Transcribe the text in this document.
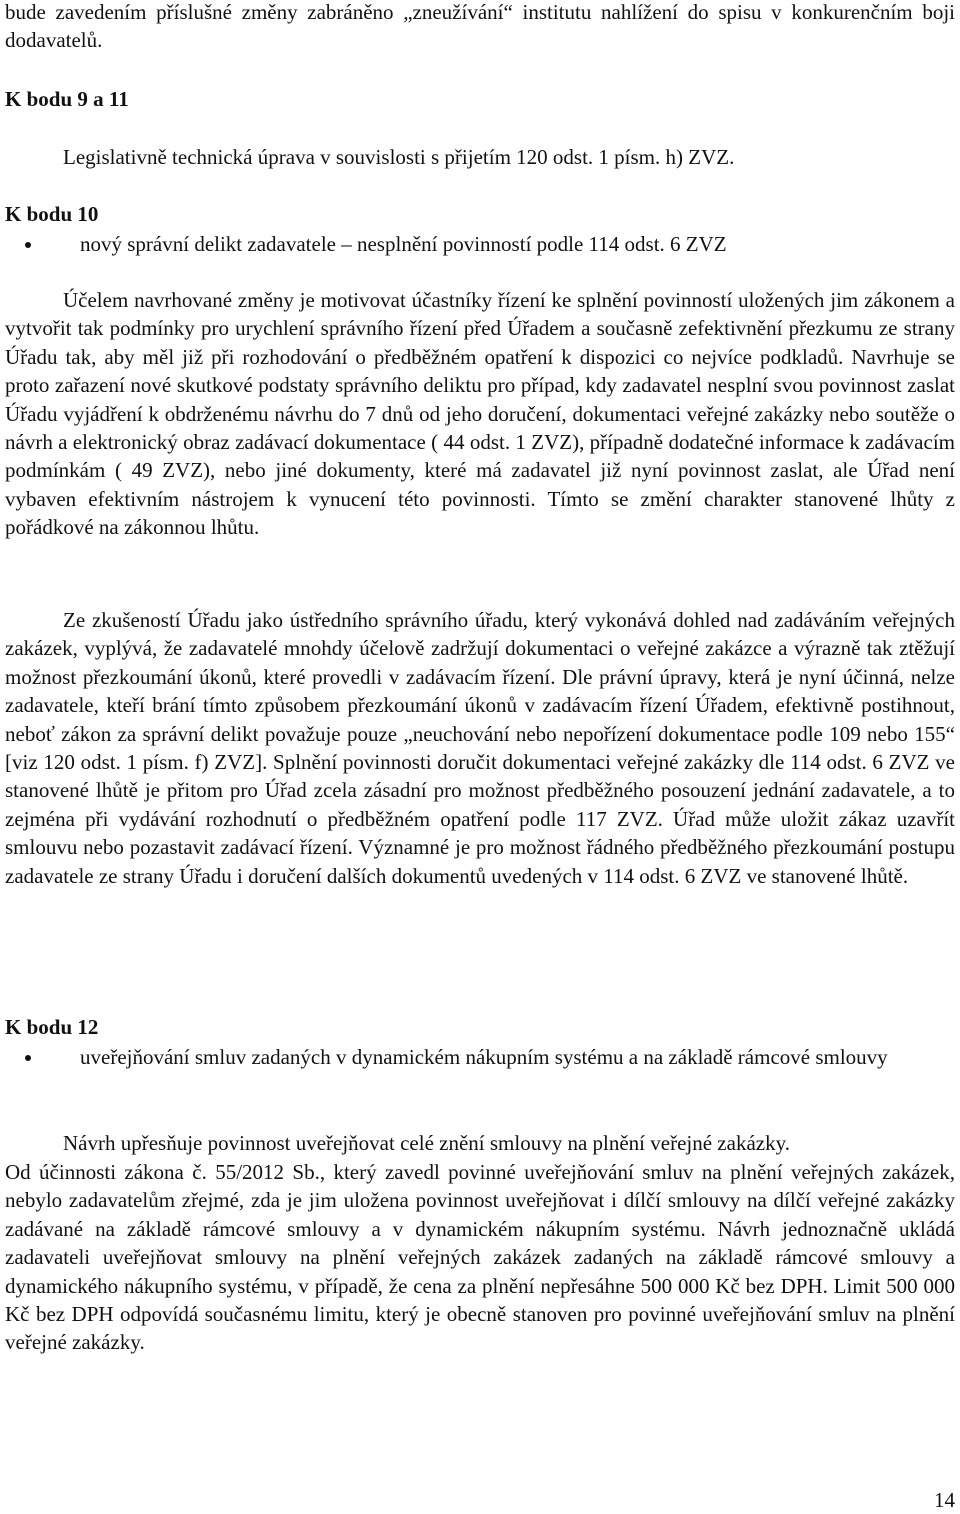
bude zavedením příslušné změny zabráněno „zneužívání“ institutu nahlížení do spisu v konkurenčním boji dodavatelů.

K bodu 9 a 11

Legislativně technická úprava v souvislosti s přijetím 120 odst. 1 písm. h) ZVZ.

K bodu 10

nový správní delikt zadavatele – nesplnění povinností podle 114 odst. 6 ZVZ

Účelem navrhované změny je motivovat účastníky řízení ke splnění povinností uložených jim zákonem a vytvořit tak podmínky pro urychlení správního řízení před Úřadem a současně zefektivnění přezkumu ze strany Úřadu tak, aby měl již při rozhodování o předběžném opatření k dispozici co nejvíce podkladů. Navrhuje se proto zařazení nové skutkové podstaty správního deliktu pro případ, kdy zadavatel nesplní svou povinnost zaslat Úřadu vyjádření k obdrženému návrhu do 7 dnů od jeho doručení, dokumentaci veřejné zakázky nebo soutěže o návrh a elektronický obraz zadávací dokumentace ( 44 odst. 1 ZVZ), případně dodatečné informace k zadávacím podmínkám ( 49 ZVZ), nebo jiné dokumenty, které má zadavatel již nyní povinnost zaslat, ale Úřad není vybaven efektivním nástrojem k vynucení této povinnosti. Tímto se změní charakter stanovené lhůty z pořádkové na zákonnou lhůtu.

Ze zkušeností Úřadu jako ústředního správního úřadu, který vykonává dohled nad zadáváním veřejných zakázek, vyplývá, že zadavatelé mnohdy účelově zadržují dokumentaci o veřejné zakázce a výrazně tak ztěžují možnost přezkoumání úkonů, které provedli v zadávacím řízení. Dle právní úpravy, která je nyní účinná, nelze zadavatele, kteří brání tímto způsobem přezkoumání úkonů v zadávacím řízení Úřadem, efektivně postihnout, neboť zákon za správní delikt považuje pouze „neuchování nebo nepořízení dokumentace podle 109 nebo 155“ [viz 120 odst. 1 písm. f) ZVZ]. Splnění povinnosti doručit dokumentaci veřejné zakázky dle 114 odst. 6 ZVZ ve stanovené lhůtě je přitom pro Úřad zcela zásadní pro možnost předběžného posouzení jednání zadavatele, a to zejména při vydávání rozhodnutí o předběžném opatření podle 117 ZVZ. Úřad může uložit zákaz uzavřít smlouvu nebo pozastavit zadávací řízení. Významné je pro možnost řádného předběžného přezkoumání postupu zadavatele ze strany Úřadu i doručení dalších dokumentů uvedených v 114 odst. 6 ZVZ ve stanovené lhůtě.

K bodu 12

uveřejňování smluv zadaných v dynamickém nákupním systému a na základě rámcové smlouvy

Návrh upřesňuje povinnost uveřejňovat celé znění smlouvy na plnění veřejné zakázky.

Od účinnosti zákona č. 55/2012 Sb., který zavedl povinné uveřejňování smluv na plnění veřejných zakázek, nebylo zadavatelům zřejmé, zda je jim uložena povinnost uveřejňovat i dílčí smlouvy na dílčí veřejné zakázky zadávané na základě rámcové smlouvy a v dynamickém nákupním systému. Návrh jednoznačně ukládá zadavateli uveřejňovat smlouvy na plnění veřejných zakázek zadaných na základě rámcové smlouvy a dynamického nákupního systému, v případě, že cena za plnění nepřesáhne 500 000 Kč bez DPH. Limit 500 000 Kč bez DPH odpovídá současnému limitu, který je obecně stanoven pro povinné uveřejňování smluv na plnění veřejné zakázky.

14
